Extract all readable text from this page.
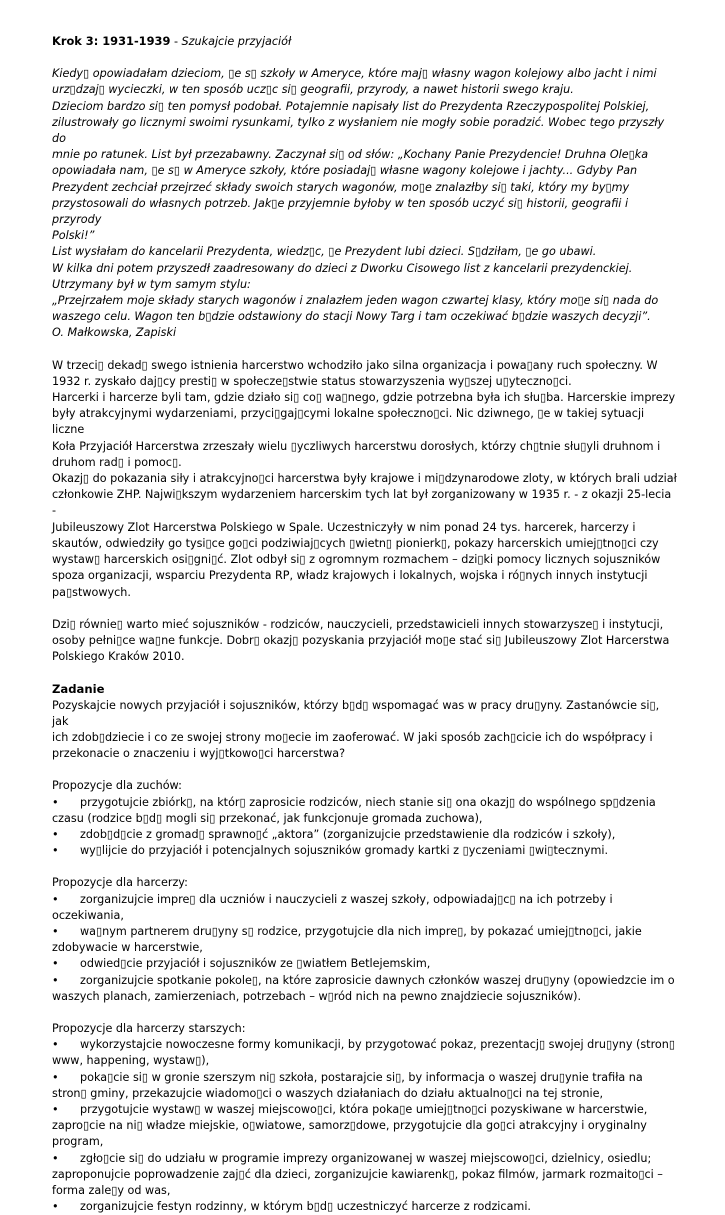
Krok 3: 1931-1939 - Szukajcie przyjaciół

Kiedy▯ opowiadałam dzieciom, ▯e s▯ szkoły w Ameryce, które maj▯ własny wagon kolejowy albo jacht i nimi

urz▯dzaj▯ wycieczki, w ten sposób ucz▯c si▯ geografii, przyrody, a nawet historii swego kraju.

Dzieciom bardzo si▯ ten pomysł podobał. Potajemnie napisały list do Prezydenta Rzeczypospolitej Polskiej,

zilustrowały go licznymi swoimi rysunkami, tylko z wysłaniem nie mogły sobie poradzić. Wobec tego przyszły do

mnie po ratunek. List był przezabawny. Zaczynał si▯ od słów: „Kochany Panie Prezydencie! Druhna Ole▯ka

opowiadała nam, ▯e s▯ w Ameryce szkoły, które posiadaj▯ własne wagony kolejowe i jachty... Gdyby Pan

Prezydent zechciał przejrzeć składy swoich starych wagonów, mo▯e znalazłby si▯ taki, który my by▯my

przystosowali do własnych potrzeb. Jak▯e przyjemnie byłoby w ten sposób uczyć si▯ historii, geografii i przyrody

Polski!”

List wysłałam do kancelarii Prezydenta, wiedz▯c, ▯e Prezydent lubi dzieci. S▯dziłam, ▯e go ubawi.

W kilka dni potem przyszedł zaadresowany do dzieci z Dworku Cisowego list z kancelarii prezydenckiej.

Utrzymany był w tym samym stylu:

„Przejrzałem moje składy starych wagonów i znalazłem jeden wagon czwartej klasy, który mo▯e si▯ nada do

waszego celu. Wagon ten b▯dzie odstawiony do stacji Nowy Targ i tam oczekiwać b▯dzie waszych decyzji”.

O. Małkowska, Zapiski

W trzeci▯ dekad▯ swego istnienia harcerstwo wchodziło jako silna organizacja i powa▯any ruch społeczny. W

1932 r. zyskało daj▯cy presti▯ w społecze▯stwie status stowarzyszenia wy▯szej u▯yteczno▯ci.

Harcerki i harcerze byli tam, gdzie działo si▯ co▯ wa▯nego, gdzie potrzebna była ich słu▯ba. Harcerskie imprezy

były atrakcyjnymi wydarzeniami, przyci▯gaj▯cymi lokalne społeczno▯ci. Nic dziwnego, ▯e w takiej sytuacji liczne

Koła Przyjaciół Harcerstwa zrzeszały wielu ▯yczliwych harcerstwu dorosłych, którzy ch▯tnie słu▯yli druhnom i

druhom rad▯ i pomoc▯.

Okazj▯ do pokazania siły i atrakcyjno▯ci harcerstwa były krajowe i mi▯dzynarodowe zloty, w których brali udział

członkowie ZHP. Najwi▯kszym wydarzeniem harcerskim tych lat był zorganizowany w 1935 r. - z okazji 25-lecia -

Jubileuszowy Zlot Harcerstwa Polskiego w Spale. Uczestniczyły w nim ponad 24 tys. harcerek, harcerzy i

skautów, odwiedziły go tysi▯ce go▯ci podziwiaj▯cych ▯wietn▯ pionierk▯, pokazy harcerskich umiej▯tno▯ci czy

wystaw▯ harcerskich osi▯gni▯ć. Zlot odbył si▯ z ogromnym rozmachem – dzi▯ki pomocy licznych sojuszników

spoza organizacji, wsparciu Prezydenta RP, władz krajowych i lokalnych, wojska i ró▯nych innych instytucji

pa▯stwowych.

Dzi▯ równie▯ warto mieć sojuszników - rodziców, nauczycieli, przedstawicieli innych stowarzysze▯ i instytucji,

osoby pełni▯ce wa▯ne funkcje. Dobr▯ okazj▯ pozyskania przyjaciół mo▯e stać si▯ Jubileuszowy Zlot Harcerstwa

Polskiego Kraków 2010.

Zadanie

Pozyskajcie nowych przyjaciół i sojuszników, którzy b▯d▯ wspomagać was w pracy dru▯yny. Zastanówcie si▯, jak

ich zdob▯dziecie i co ze swojej strony mo▯ecie im zaoferować. W jaki sposób zach▯cicie ich do współpracy i

przekonacie o znaczeniu i wyj▯tkowo▯ci harcerstwa?

Propozycje dla zuchów:

• przygotujcie zbiórk▯, na któr▯ zaprosicie rodziców, niech stanie si▯ ona okazj▯ do wspólnego sp▯dzenia

czasu (rodzice b▯d▯ mogli si▯ przekonać, jak funkcjonuje gromada zuchowa),

• zdob▯d▯cie z gromad▯ sprawno▯ć „aktora” (zorganizujcie przedstawienie dla rodziców i szkoły),

• wy▯lijcie do przyjaciół i potencjalnych sojuszników gromady kartki z ▯yczeniami ▯wi▯tecznymi.

Propozycje dla harcerzy:

• zorganizujcie impre▯ dla uczniów i nauczycieli z waszej szkoły, odpowiadaj▯c▯ na ich potrzeby i

oczekiwania,

• wa▯nym partnerem dru▯yny s▯ rodzice, przygotujcie dla nich impre▯, by pokazać umiej▯tno▯ci, jakie

zdobywacie w harcerstwie,

• odwied▯cie przyjaciół i sojuszników ze ▯wiatłem Betlejemskim,

• zorganizujcie spotkanie pokole▯, na które zaprosicie dawnych członków waszej dru▯yny (opowiedzcie im o

waszych planach, zamierzeniach, potrzebach – w▯ród nich na pewno znajdziecie sojuszników).

Propozycje dla harcerzy starszych:

• wykorzystajcie nowoczesne formy komunikacji, by przygotować pokaz, prezentacj▯ swojej dru▯yny (stron▯

www, happening, wystaw▯),

• poka▯cie si▯ w gronie szerszym ni▯ szkoła, postarajcie si▯, by informacja o waszej dru▯ynie trafiła na

stron▯ gminy, przekazujcie wiadomo▯ci o waszych działaniach do działu aktualno▯ci na tej stronie,

• przygotujcie wystaw▯ w waszej miejscowo▯ci, która poka▯e umiej▯tno▯ci pozyskiwane w harcerstwie,

zapro▯cie na ni▯ władze miejskie, o▯wiatowe, samorz▯dowe, przygotujcie dla go▯ci atrakcyjny i oryginalny

program,

• zgło▯cie si▯ do udziału w programie imprezy organizowanej w waszej miejscowo▯ci, dzielnicy, osiedlu;

zaproponujcie poprowadzenie zaj▯ć dla dzieci, zorganizujcie kawiarenk▯, pokaz filmów, jarmark rozmaito▯ci –

forma zale▯y od was,

• zorganizujcie festyn rodzinny, w którym b▯d▯ uczestniczyć harcerze z rodzicami.
